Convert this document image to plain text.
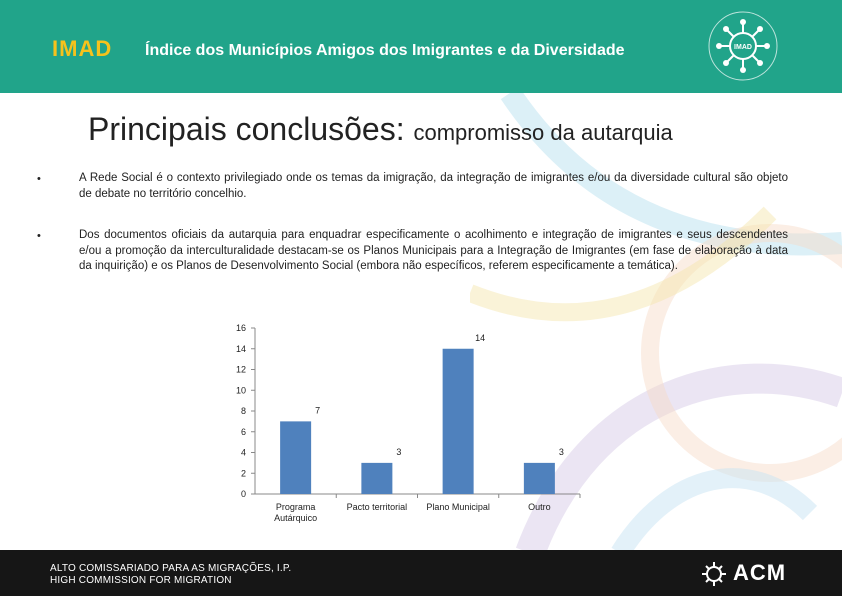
IMAD Índice dos Municípios Amigos dos Imigrantes e da Diversidade	IMAD
Principais conclusões: compromisso da autarquia
•	A Rede Social é o contexto privilegiado onde os temas da imigração, da integração de imigrantes e/ou da diversidade cultural são objeto de debate no território concelhio.
•	Dos documentos oficiais da autarquia para enquadrar especificamente o acolhimento e integração de imigrantes e seus descendentes e/ou a promoção da interculturalidade destacam-se os Planos Municipais para a Integração de Imigrantes (em fase de elaboração à data da inquirição) e os Planos de Desenvolvimento Social (embora não específicos, referem especificamente a temática).
0
2
4
6
8
10
12
14
16
7
Programa
Autárquico
3
Pacto territorial
14
Plano Municipal
3
Outro
ALTO COMISSARIADO PARA AS MIGRAÇÕES, I.P.
HIGH COMMISSION FOR MIGRATION	ACM
